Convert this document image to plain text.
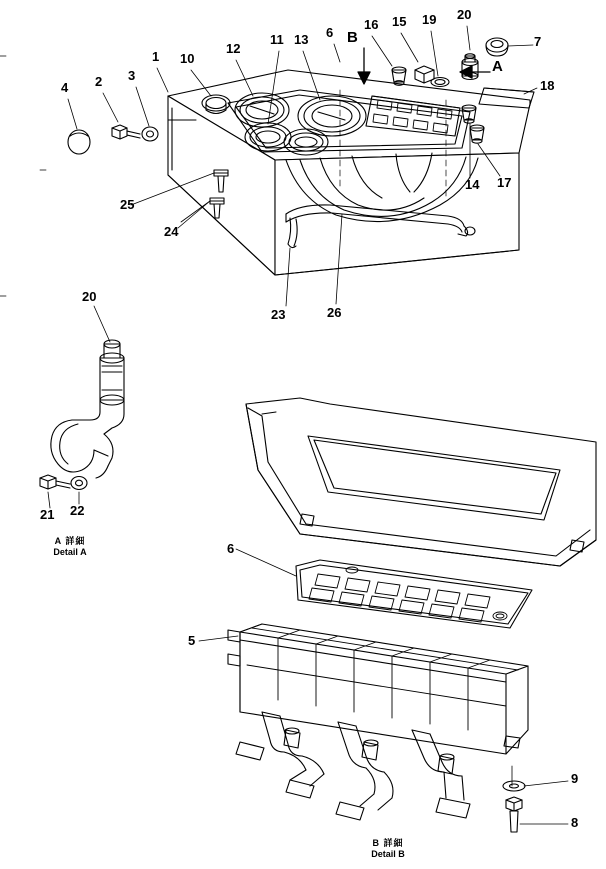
1
2 3
4
6
10
11
12
13
14
15
16
17
18
19 20
7
24
25
23	26
20
21 22
6
5
9
8
B
A
A 詳細
Detail A
B 詳細
Detail B
